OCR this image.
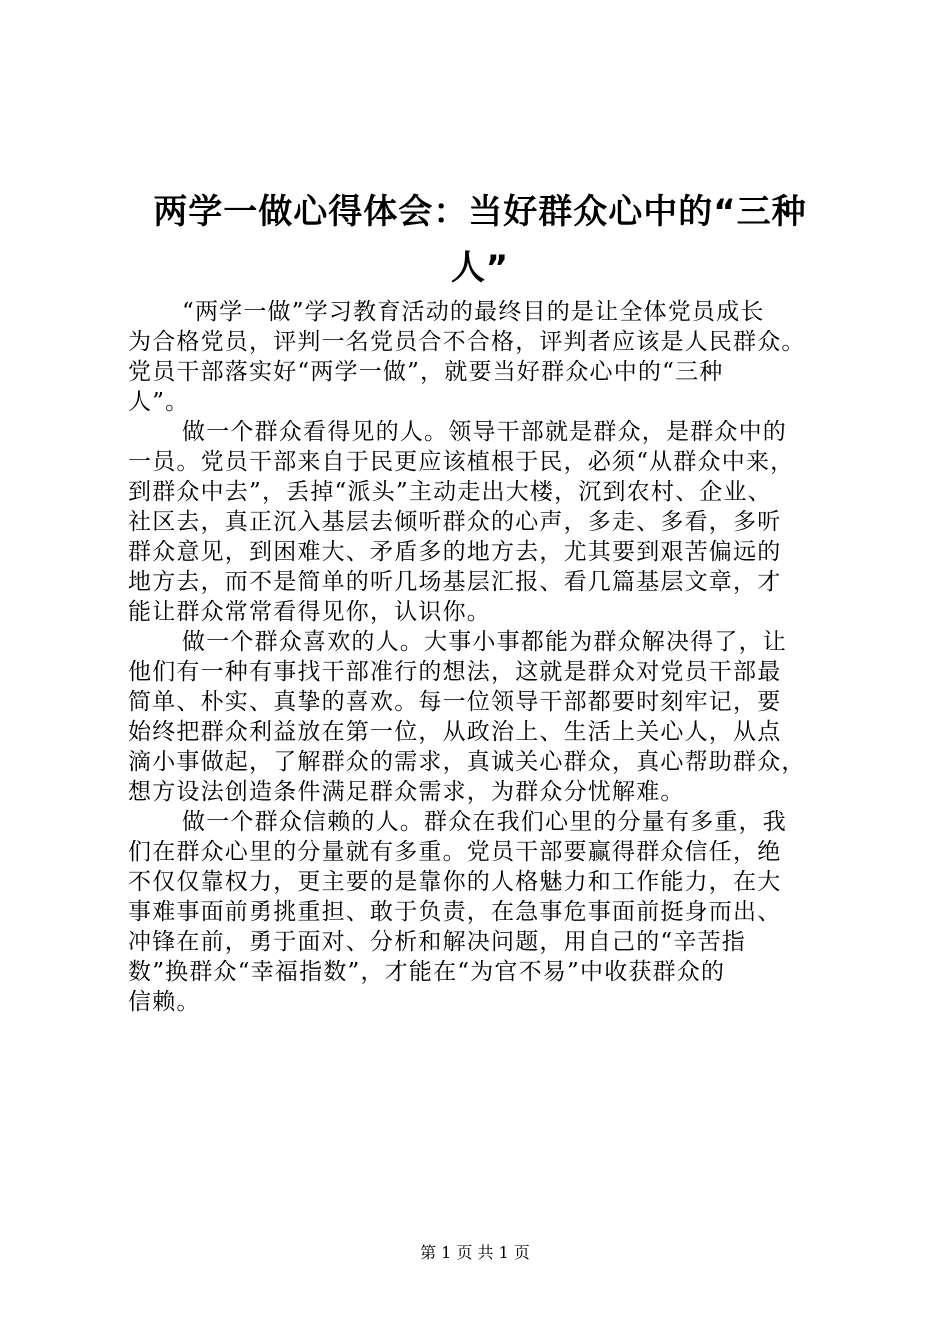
两学一做心得体会：当好群众心中的“三种
人”

“两学一做”学习教育活动的最终目的是让全体党员成长
为合格党员，评判一名党员合不合格，评判者应该是人民群众。
党员干部落实好“两学一做”，就要当好群众心中的“三种
人”。

做一个群众看得见的人。领导干部就是群众，是群众中的
一员。党员干部来自于民更应该植根于民，必须“从群众中来，
到群众中去”，丢掉“派头”主动走出大楼，沉到农村、企业、
社区去，真正沉入基层去倾听群众的心声，多走、多看，多听
群众意见，到困难大、矛盾多的地方去，尤其要到艰苦偏远的
地方去，而不是简单的听几场基层汇报、看几篇基层文章，才
能让群众常常看得见你，认识你。

做一个群众喜欢的人。大事小事都能为群众解决得了，让
他们有一种有事找干部准行的想法，这就是群众对党员干部最
简单、朴实、真挚的喜欢。每一位领导干部都要时刻牢记，要
始终把群众利益放在第一位，从政治上、生活上关心人，从点
滴小事做起，了解群众的需求，真诚关心群众，真心帮助群众，
想方设法创造条件满足群众需求，为群众分忧解难。

做一个群众信赖的人。群众在我们心里的分量有多重，我
们在群众心里的分量就有多重。党员干部要赢得群众信任，绝
不仅仅靠权力，更主要的是靠你的人格魅力和工作能力，在大
事难事面前勇挑重担、敢于负责，在急事危事面前挺身而出、
冲锋在前，勇于面对、分析和解决问题，用自己的“辛苦指
数”换群众“幸福指数”，才能在“为官不易”中收获群众的
信赖。

第 1 页 共 1 页
